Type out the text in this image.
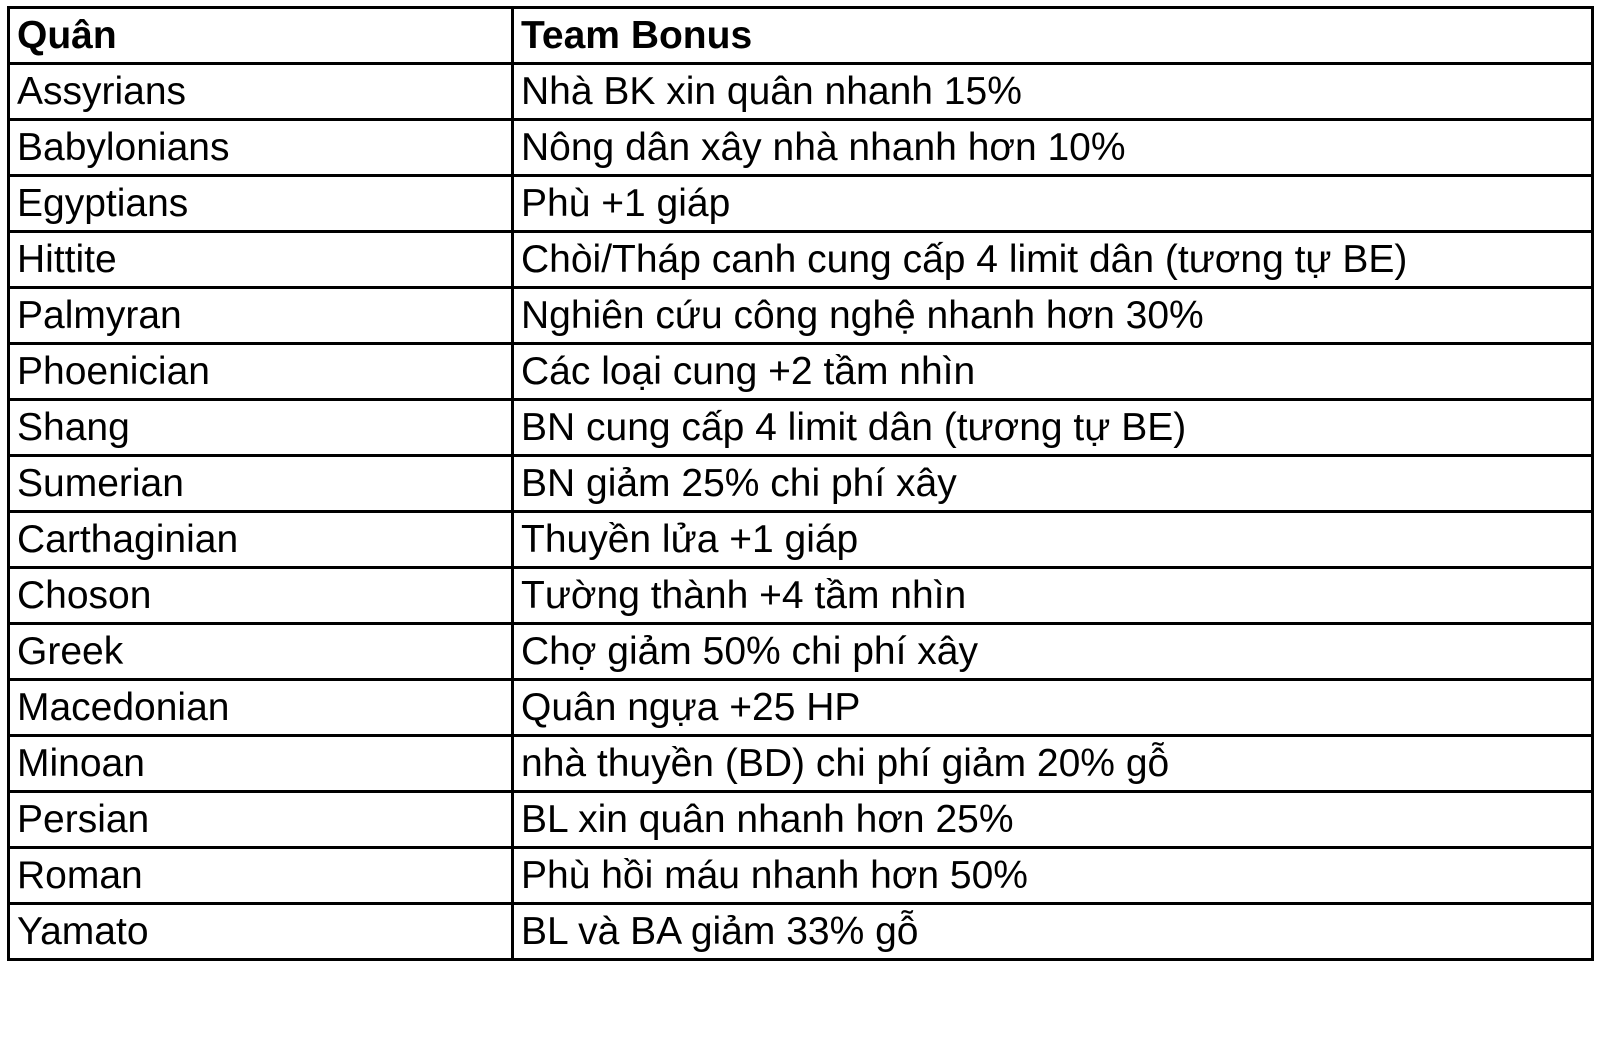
Quân	Team Bonus
Assyrians	Nhà BK xin quân nhanh 15%
Babylonians	Nông dân xây nhà nhanh hơn 10%
Egyptians	Phù +1 giáp
Hittite	Chòi/Tháp canh cung cấp 4 limit dân (tương tự BE)
Palmyran	Nghiên cứu công nghệ nhanh hơn 30%
Phoenician	Các loại cung +2 tầm nhìn
Shang	BN cung cấp 4 limit dân (tương tự BE)
Sumerian	BN giảm 25% chi phí xây
Carthaginian	Thuyền lửa +1 giáp
Choson	Tường thành +4 tầm nhìn
Greek	Chợ giảm 50% chi phí xây
Macedonian	Quân ngựa +25 HP
Minoan	nhà thuyền (BD) chi phí giảm 20% gỗ
Persian	BL xin quân nhanh hơn 25%
Roman	Phù hồi máu nhanh hơn 50%
Yamato	BL và BA giảm 33% gỗ
